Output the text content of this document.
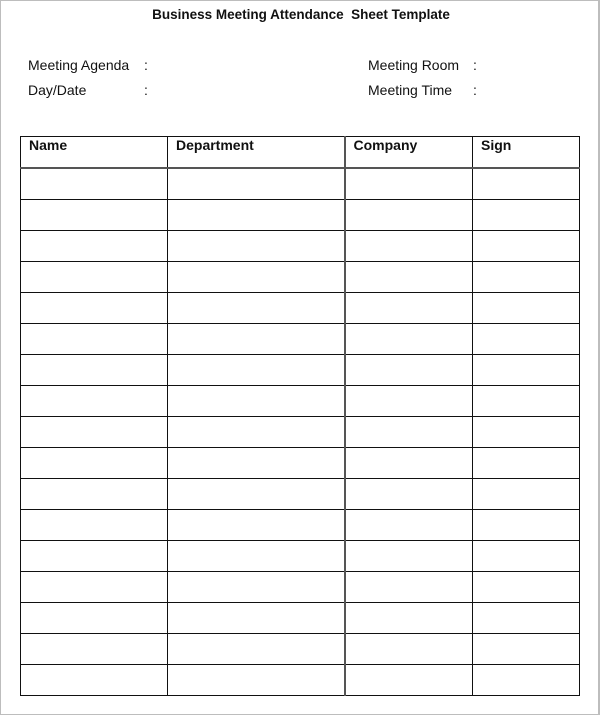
Business Meeting Attendance  Sheet Template
Meeting Agenda :
Day/Date	:
Meeting Room :
Meeting Time :
Name	Department	Company	Sign
